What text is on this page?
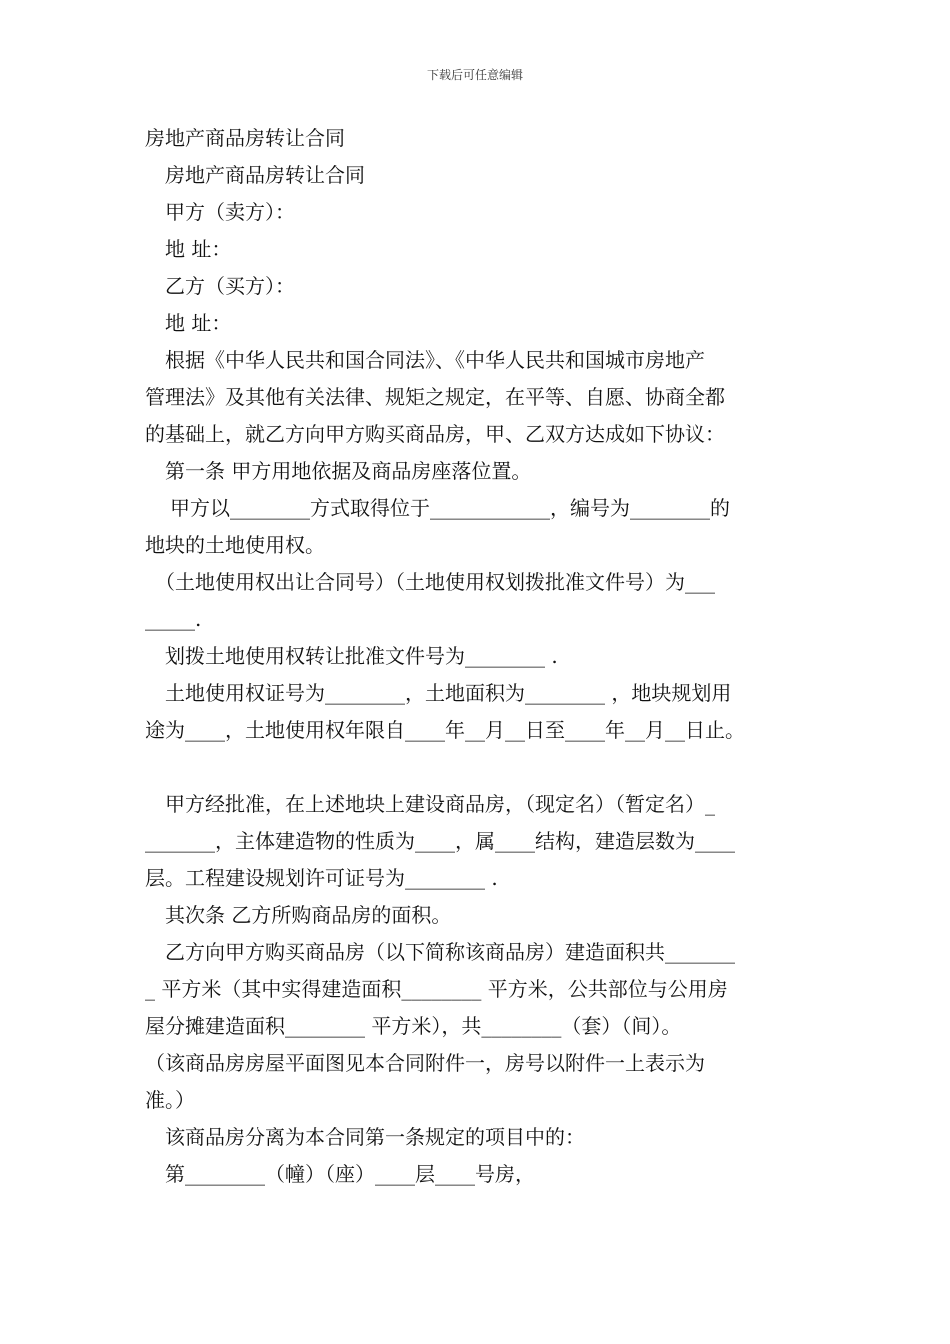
下载后可任意编辑
房地产商品房转让合同
房地产商品房转让合同
甲方（卖方）：
地 址：
乙方（买方）：
地 址：
根据《中华人民共和国合同法》、《中华人民共和国城市房地产
管理法》及其他有关法律、规矩之规定，在平等、自愿、协商全都
的基础上，就乙方向甲方购买商品房，甲、乙双方达成如下协议：
第一条 甲方用地依据及商品房座落位置。
甲方以________方式取得位于____________，编号为________的
地块的土地使用权。
（土地使用权出让合同号）（土地使用权划拨批准文件号）为___
_____.
划拨土地使用权转让批准文件号为________ .
土地使用权证号为________，土地面积为________ ，地块规划用
途为____，土地使用权年限自____年__月__日至____年__月__日止。
甲方经批准，在上述地块上建设商品房，（现定名）（暂定名）_
_______，主体建造物的性质为____，属____结构，建造层数为____
层。工程建设规划许可证号为________ .
其次条 乙方所购商品房的面积。
乙方向甲方购买商品房（以下简称该商品房）建造面积共_______
_ 平方米（其中实得建造面积________ 平方米，公共部位与公用房
屋分摊建造面积________ 平方米），共________（套）（间）。
（该商品房房屋平面图见本合同附件一，房号以附件一上表示为
准。）
该商品房分离为本合同第一条规定的项目中的：
第________（幢）（座）____层____号房，
